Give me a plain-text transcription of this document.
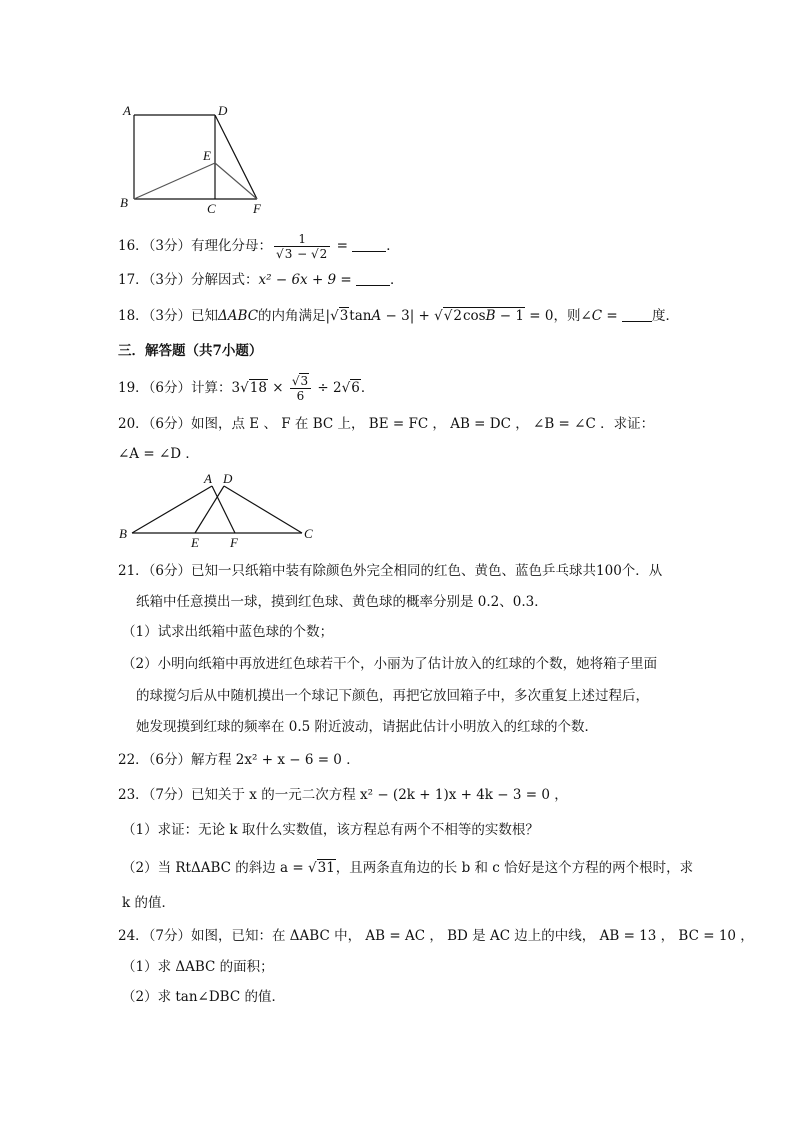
A	D
E
B	C	F
16．（3分）有理化分母： $\frac{1}{√3 - √2}$ =	．
17．（3分）分解因式：x² − 6x + 9 =	．
18．（3分）已知ΔABC的内角满足|√3tanA − 3| + √√2cosB − 1 = 0，则∠C = 度．
三．解答题（共7小题）
19．（6分）计算：$3√18 \times \frac{√3}{6} \div 2√6$．
20．（6分）如图，点 E 、 F 在 BC 上， BE = FC ， AB = DC ， ∠B = ∠C ．求证：
∠A = ∠D ．
A D
B
E F
C
21．（6分）已知一只纸箱中装有除颜色外完全相同的红色、黄色、蓝色乒乓球共100个．从
纸箱中任意摸出一球，摸到红色球、黄色球的概率分别是 0.2、0.3．
（1）试求出纸箱中蓝色球的个数；
（2）小明向纸箱中再放进红色球若干个，小丽为了估计放入的红球的个数，她将箱子里面
的球搅匀后从中随机摸出一个球记下颜色，再把它放回箱子中，多次重复上述过程后，
她发现摸到红球的频率在 0.5 附近波动，请据此估计小明放入的红球的个数．
22．（6分）解方程 2x² + x − 6 = 0 ．
23．（7分）已知关于 x 的一元二次方程 x² − (2k + 1)x + 4k − 3 = 0 ，
（1）求证：无论 k 取什么实数值，该方程总有两个不相等的实数根？
（2）当 RtΔABC 的斜边 a = √31，且两条直角边的长 b 和 c 恰好是这个方程的两个根时，求
k 的值．
24．（7分）如图，已知：在 ΔABC 中， AB = AC ， BD 是 AC 边上的中线， AB = 13 ， BC = 10 ，
（1）求 ΔABC 的面积；
（2）求 tan∠DBC 的值．
